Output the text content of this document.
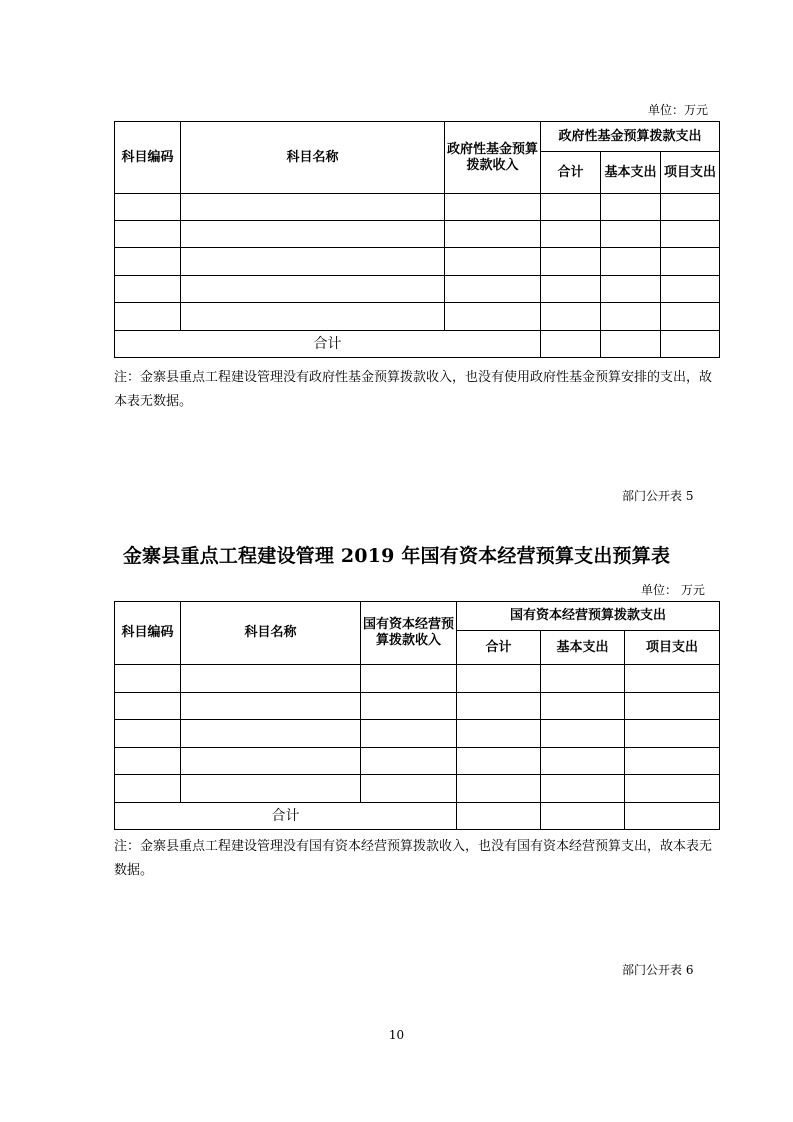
单位：万元
科目编码	科目名称	政府性基金预算拨款收入	政府性基金预算拨款支出		
			合计	基本支出	项目支出

合计					
注：金寨县重点工程建设管理没有政府性基金预算拨款收入，也没有使用政府性基金预算安排的支出，故本表无数据。
部门公开表 5
金寨县重点工程建设管理 2019 年国有资本经营预算支出预算表
单位： 万元
科目编码	科目名称	国有资本经营预算拨款收入	国有资本经营预算拨款支出		
			合计	基本支出	项目支出

合计					
注：金寨县重点工程建设管理没有国有资本经营预算拨款收入，也没有国有资本经营预算支出，故本表无数据。
部门公开表 6
10
